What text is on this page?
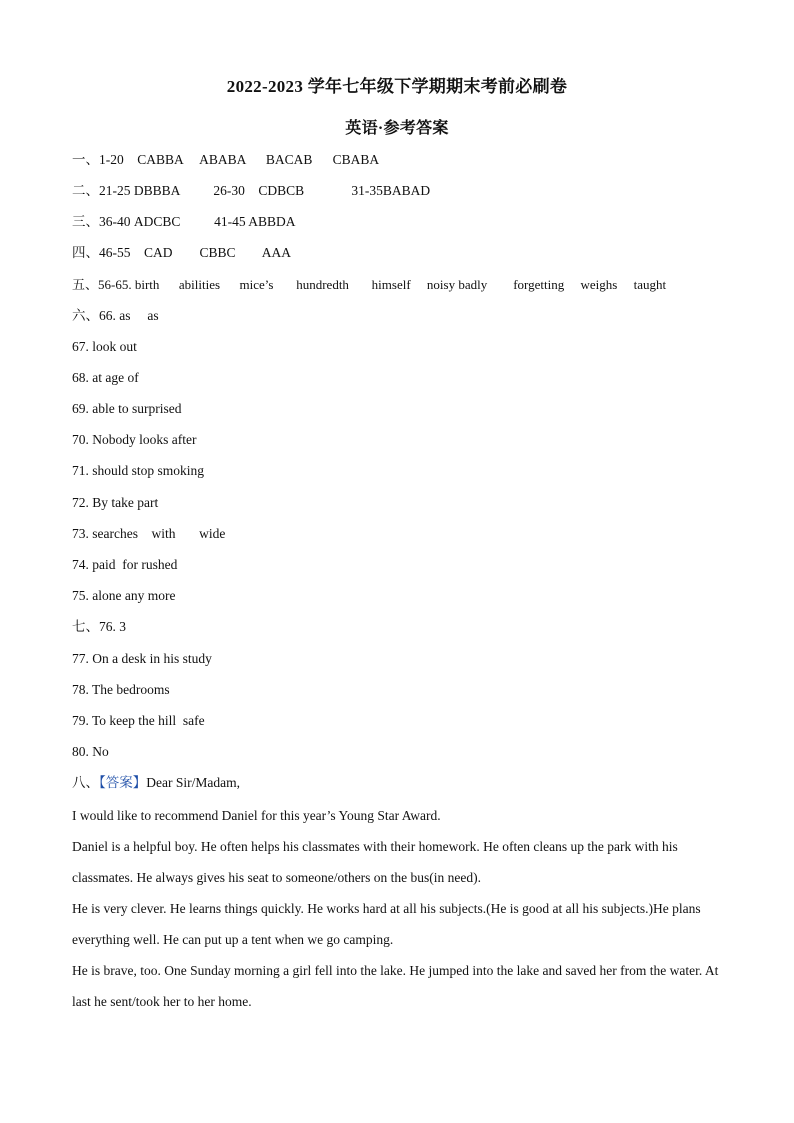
2022-2023 学年七年级下学期期末考前必刷卷
英语·参考答案
一、1-20    CABBA     ABABA      BACAB      CBABA
二、21-25 DBBBA          26-30    CDBCB              31-35BABAD
三、36-40 ADCBC          41-45 ABBDA
四、46-55    CAD        CBBC        AAA
五、56-65. birth      abilities      mice’s       hundredth       himself     noisy badly        forgetting     weighs     taught
六、66. as     as
67. look out
68. at age of
69. able to surprised
70. Nobody looks after
71. should stop smoking
72. By take part
73. searches    with       wide
74. paid  for rushed
75. alone any more
七、76. 3
77. On a desk in his study
78. The bedrooms
79. To keep the hill  safe
80. No
八、【答案】Dear Sir/Madam,
I would like to recommend Daniel for this year’s Young Star Award.
Daniel is a helpful boy. He often helps his classmates with their homework. He often cleans up the park with his classmates. He always gives his seat to someone/others on the bus(in need).
He is very clever. He learns things quickly. He works hard at all his subjects.(He is good at all his subjects.)He plans everything well. He can put up a tent when we go camping.
He is brave, too. One Sunday morning a girl fell into the lake. He jumped into the lake and saved her from the water. At last he sent/took her to her home.
